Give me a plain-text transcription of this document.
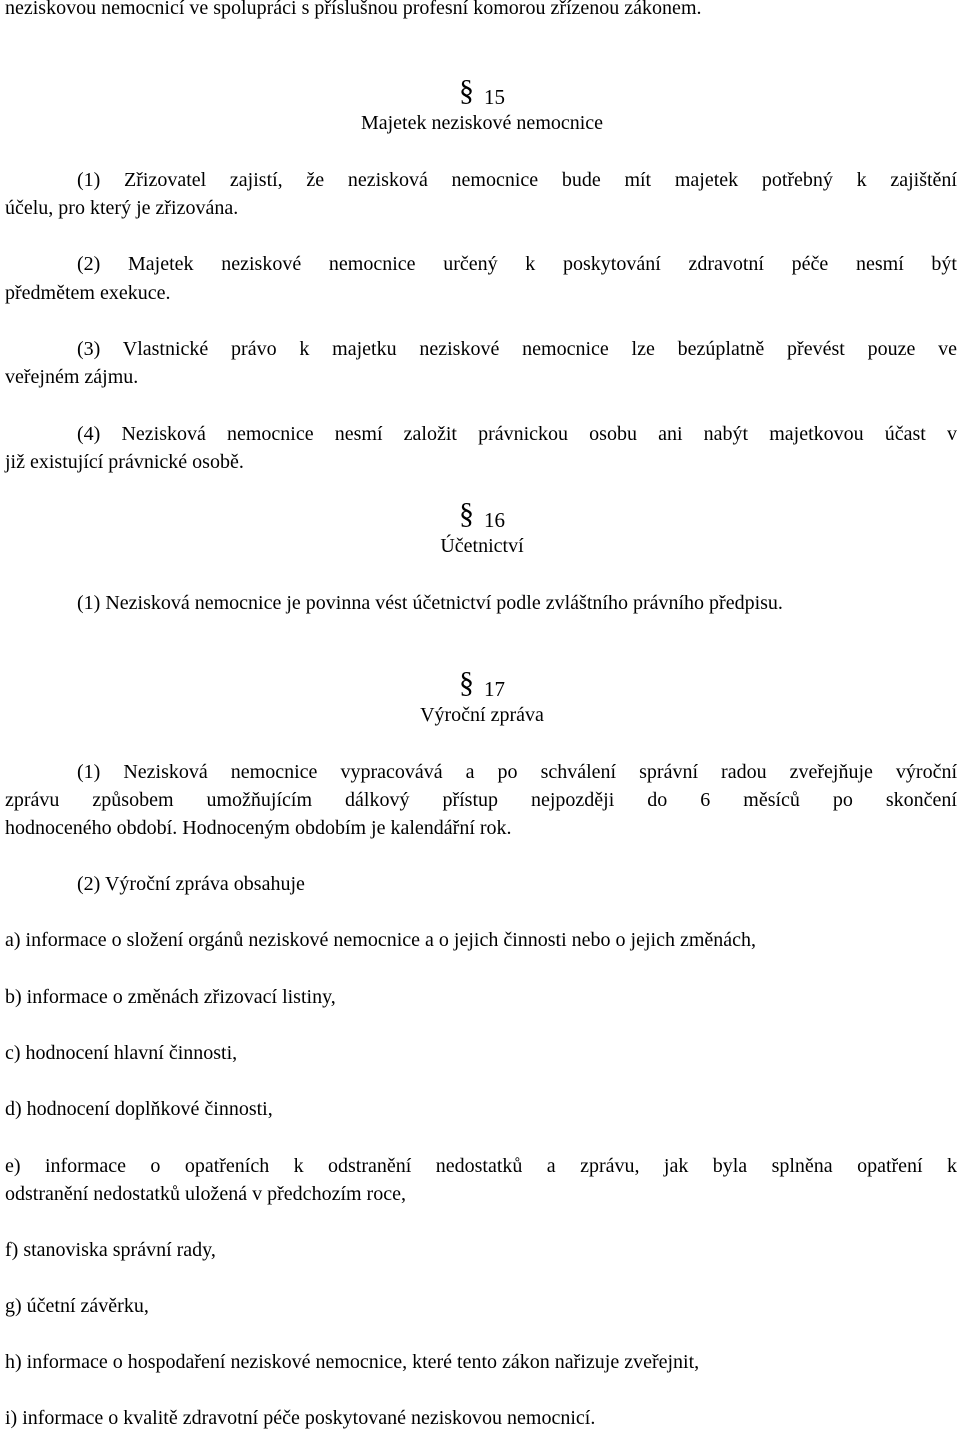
neziskovou nemocnicí ve spolupráci s příslušnou profesní komorou zřízenou zákonem.
§ 15
Majetek neziskové nemocnice
(1) Zřizovatel zajistí, že nezisková nemocnice bude mít majetek potřebný k zajištění
účelu, pro který je zřizována.
(2) Majetek neziskové nemocnice určený k poskytování zdravotní péče nesmí být
předmětem exekuce.
(3) Vlastnické právo k majetku neziskové nemocnice lze bezúplatně převést pouze ve
veřejném zájmu.
(4) Nezisková nemocnice nesmí založit právnickou osobu ani nabýt majetkovou účast v
již existující právnické osobě.
§ 16
Účetnictví
(1) Nezisková nemocnice je povinna vést účetnictví podle zvláštního právního předpisu.
§ 17
Výroční zpráva
(1) Nezisková nemocnice vypracovává a po schválení správní radou zveřejňuje výroční
zprávu způsobem umožňujícím dálkový přístup nejpozději do 6 měsíců po skončení
hodnoceného období. Hodnoceným obdobím je kalendářní rok.
(2) Výroční zpráva obsahuje
a) informace o složení orgánů neziskové nemocnice a o jejich činnosti nebo o jejich změnách,
b) informace o změnách zřizovací listiny,
c) hodnocení hlavní činnosti,
d) hodnocení doplňkové činnosti,
e) informace o opatřeních k odstranění nedostatků a zprávu, jak byla splněna opatření k
odstranění nedostatků uložená v předchozím roce,
f) stanoviska správní rady,
g) účetní závěrku,
h) informace o hospodaření neziskové nemocnice, které tento zákon nařizuje zveřejnit,
i) informace o kvalitě zdravotní péče poskytované neziskovou nemocnicí.
